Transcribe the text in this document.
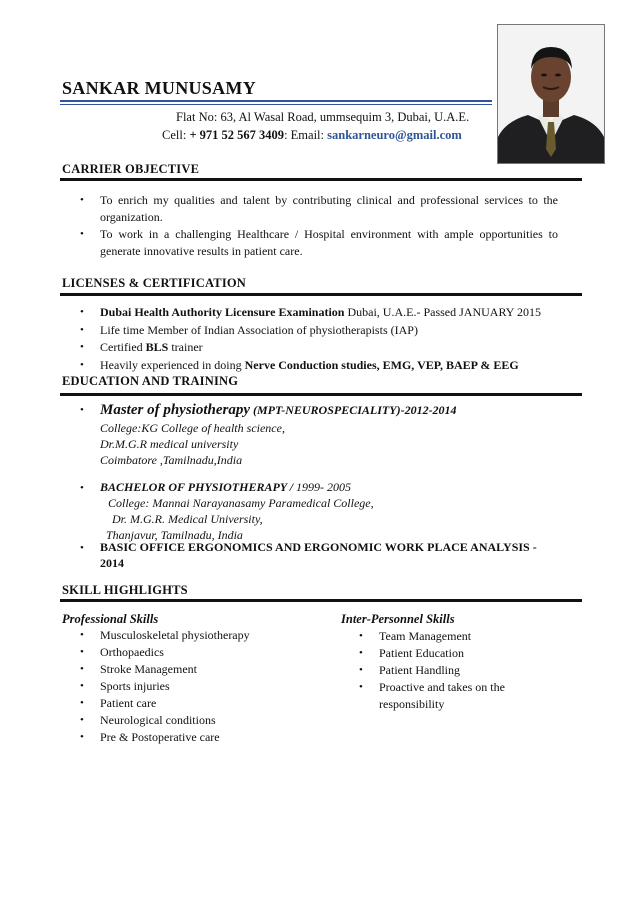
SANKAR MUNUSAMY
Flat No: 63, Al Wasal Road, ummsequim 3, Dubai, U.A.E.
Cell: + 971 52 567 3409: Email: sankarneuro@gmail.com
CARRIER OBJECTIVE
• To enrich my qualities and talent by contributing clinical and professional services to the organization.
• To work in a challenging Healthcare / Hospital environment with ample opportunities to generate innovative results in patient care.
LICENSES & CERTIFICATION
• Dubai Health Authority Licensure Examination Dubai, U.A.E.- Passed JANUARY 2015
• Life time Member of Indian Association of physiotherapists (IAP)
• Certified BLS trainer
• Heavily experienced in doing Nerve Conduction studies, EMG, VEP, BAEP & EEG
EDUCATION AND TRAINING
• Master of physiotherapy (MPT-NEUROSPECIALITY)-2012-2014
College:KG College of health science,
Dr.M.G.R medical university
Coimbatore ,Tamilnadu,India
• BACHELOR OF PHYSIOTHERAPY / 1999- 2005
College: Mannai Narayanasamy Paramedical College,
Dr. M.G.R. Medical University,
Thanjavur, Tamilnadu, India
• BASIC OFFICE ERGONOMICS AND ERGONOMIC WORK PLACE ANALYSIS -
2014
SKILL HIGHLIGHTS
Professional Skills
• Musculoskeletal physiotherapy
• Orthopaedics
• Stroke Management
• Sports injuries
• Patient care
• Neurological conditions
• Pre & Postoperative care
Inter-Personnel Skills
• Team Management
• Patient Education
• Patient Handling
• Proactive and takes on the responsibility
